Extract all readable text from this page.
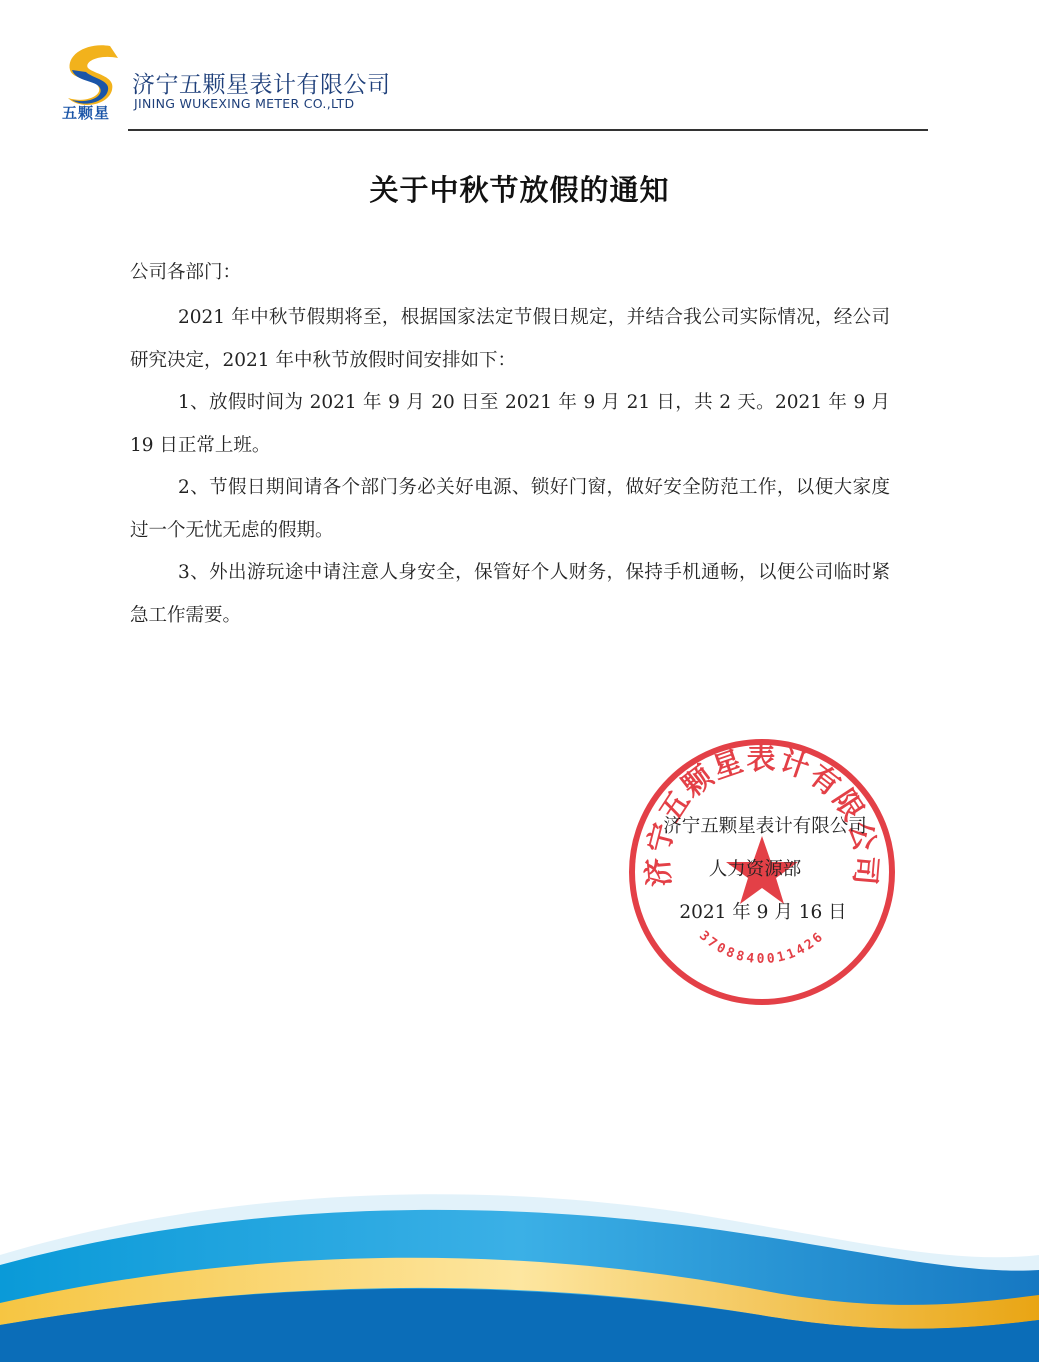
五颗星
济宁五颗星表计有限公司
JINING WUKEXING METER CO.,LTD
关于中秋节放假的通知
公司各部门：
2021 年中秋节假期将至，根据国家法定节假日规定，并结合我公司实际情况，经公司研究决定，2021 年中秋节放假时间安排如下：
1、放假时间为 2021 年 9 月 20 日至 2021 年 9 月 21 日，共 2 天。2021 年 9 月 19 日正常上班。
2、节假日期间请各个部门务必关好电源、锁好门窗，做好安全防范工作，以便大家度过一个无忧无虑的假期。
3、外出游玩途中请注意人身安全，保管好个人财务，保持手机通畅，以便公司临时紧急工作需要。
济宁五颗星表计有限公司
3708840011426
济宁五颗星表计有限公司
人力资源部
2021 年 9 月 16 日
